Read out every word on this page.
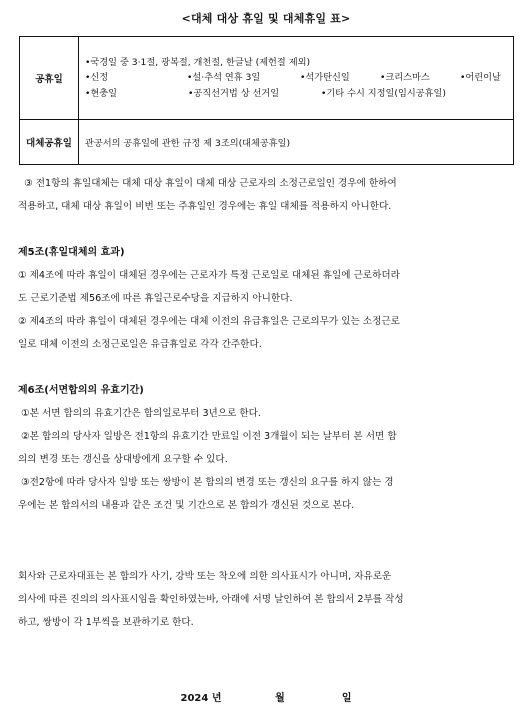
<대체 대상 휴일 및 대체휴일 표>
공휴일	•국경일 중 3·1절, 광복절, 개천절, 한글날 (제헌절 제외)
•신정 •설·추석 연휴 3일 •석가탄신일 •크리스마스 •어린이날
•현충일 •공직선거법 상 선거일 •기타 수시 지정일(임시공휴일)

대체공휴일	관공서의 공휴일에 관한 규정 제 3조의(대체공휴일)
③ 전1항의 휴일대체는 대체 대상 휴일이 대체 대상 근로자의 소정근로일인 경우에 한하여
적용하고, 대체 대상 휴일이 비번 또는 주휴일인 경우에는 휴일 대체를 적용하지 아니한다.
제5조(휴일대체의 효과)
① 제4조에 따라 휴일이 대체된 경우에는 근로자가 특정 근로일로 대체된 휴일에 근로하더라
도 근로기준법 제56조에 따른 휴일근로수당을 지급하지 아니한다.
② 제4조의 따라 휴일이 대체된 경우에는 대체 이전의 유급휴일은 근로의무가 있는 소정근로
일로 대체 이전의 소정근로일은 유급휴일로 각각 간주한다.
제6조(서면합의의 유효기간)
①본 서면 합의의 유효기간은 합의일로부터 3년으로 한다.
②본 합의의 당사자 일방은 전1항의 유효기간 만료일 이전 3개월이 되는 날부터 본 서면 합
의의 변경 또는 갱신을 상대방에게 요구할 수 있다.
③전2항에 따라 당사자 일방 또는 쌍방이 본 합의의 변경 또는 갱신의 요구를 하지 않는 경
우에는 본 합의서의 내용과 같은 조건 및 기간으로 본 합의가 갱신된 것으로 본다.
회사와 근로자대표는 본 합의가 사기, 강박 또는 착오에 의한 의사표시가 아니며, 자유로운
의사에 따른 진의의 의사표시임을 확인하였는바, 아래에 서명 날인하여 본 합의서 2부를 작성
하고, 쌍방이 각 1부씩을 보관하기로 한다.
2024 년	월	일
